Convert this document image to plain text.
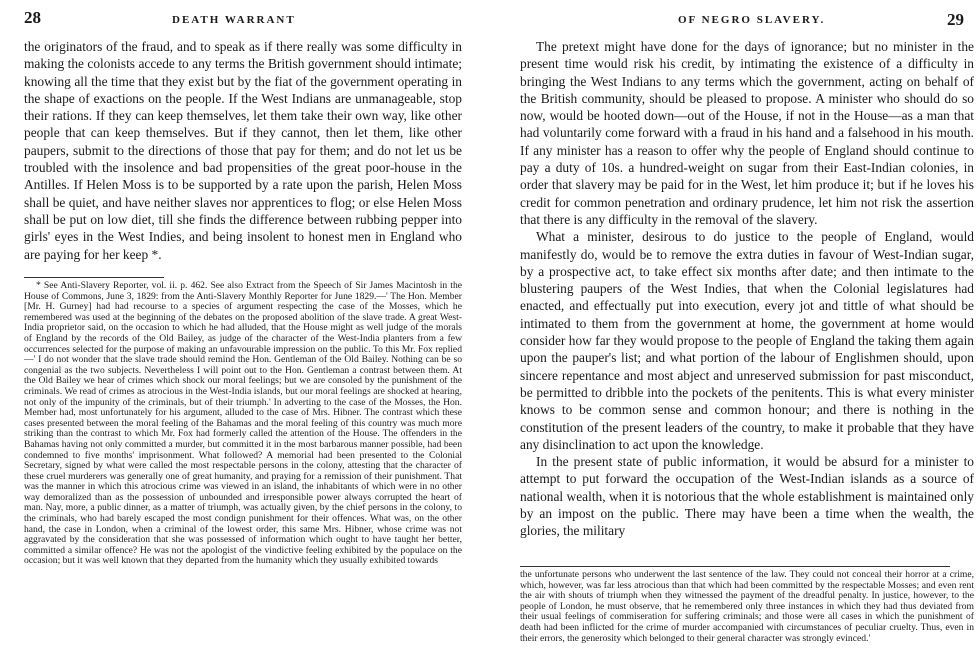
28	DEATH WARRANT

the originators of the fraud, and to speak as if there really was some difficulty in making the colonists accede to any terms the British government should intimate; knowing all the time that they exist but by the fiat of the government operating in the shape of exactions on the people. If the West Indians are unmanageable, stop their rations. If they can keep themselves, let them take their own way, like other people that can keep themselves. But if they cannot, then let them, like other paupers, submit to the directions of those that pay for them; and do not let us be troubled with the insolence and bad propensities of the great poor-house in the Antilles. If Helen Moss is to be supported by a rate upon the parish, Helen Moss shall be quiet, and have neither slaves nor apprentices to flog; or else Helen Moss shall be put on low diet, till she finds the difference between rubbing pepper into girls' eyes in the West Indies, and being insolent to honest men in England who are paying for her keep *.

* See Anti-Slavery Reporter, vol. ii. p. 462. See also Extract from the Speech of Sir James Macintosh in the House of Commons, June 3, 1829: from the Anti-Slavery Monthly Reporter for June 1829.—' The Hon. Member [Mr. H. Gurney] had had recourse to a species of argument respecting the case of the Mosses, which he remembered was used at the beginning of the debates on the proposed abolition of the slave trade. A great West-India proprietor said, on the occasion to which he had alluded, that the House might as well judge of the morals of England by the records of the Old Bailey, as judge of the character of the West-India planters from a few occurrences selected for the purpose of making an unfavourable impression on the public. To this Mr. Fox replied—' I do not wonder that the slave trade should remind the Hon. Gentleman of the Old Bailey. Nothing can be so congenial as the two subjects. Nevertheless I will point out to the Hon. Gentleman a contrast between them. At the Old Bailey we hear of crimes which shock our moral feelings; but we are consoled by the punishment of the criminals. We read of crimes as atrocious in the West-India islands, but our moral feelings are shocked at hearing, not only of the impunity of the criminals, but of their triumph.' In adverting to the case of the Mosses, the Hon. Member had, most unfortunately for his argument, alluded to the case of Mrs. Hibner. The contrast which these cases presented between the moral feeling of the Bahamas and the moral feeling of this country was much more striking than the contrast to which Mr. Fox had formerly called the attention of the House. The offenders in the Bahamas having not only committed a murder, but committed it in the most barbarous manner possible, had been condemned to five months' imprisonment. What followed? A memorial had been presented to the Colonial Secretary, signed by what were called the most respectable persons in the colony, attesting that the character of these cruel murderers was generally one of great humanity, and praying for a remission of their punishment. That was the manner in which this atrocious crime was viewed in an island, the inhabitants of which were in no other way demoralized than as the possession of unbounded and irresponsible power always corrupted the heart of man. Nay, more, a public dinner, as a matter of triumph, was actually given, by the chief persons in the colony, to the criminals, who had barely escaped the most condign punishment for their offences. What was, on the other hand, the case in London, when a criminal of the lowest order, this same Mrs. Hibner, whose crime was not aggravated by the consideration that she was possessed of information which ought to have taught her better, committed a similar offence? He was not the apologist of the vindictive feeling exhibited by the populace on the occasion; but it was well known that they departed from the humanity which they usually exhibited towards

OF NEGRO SLAVERY.	29

The pretext might have done for the days of ignorance; but no minister in the present time would risk his credit, by intimating the existence of a difficulty in bringing the West Indians to any terms which the government, acting on behalf of the British community, should be pleased to propose. A minister who should do so now, would be hooted down—out of the House, if not in the House—as a man that had voluntarily come forward with a fraud in his hand and a falsehood in his mouth. If any minister has a reason to offer why the people of England should continue to pay a duty of 10s. a hundred-weight on sugar from their East-Indian colonies, in order that slavery may be paid for in the West, let him produce it; but if he loves his credit for common penetration and ordinary prudence, let him not risk the assertion that there is any difficulty in the removal of the slavery.

What a minister, desirous to do justice to the people of England, would manifestly do, would be to remove the extra duties in favour of West-Indian sugar, by a prospective act, to take effect six months after date; and then intimate to the blustering paupers of the West Indies, that when the Colonial legislatures had enacted, and effectually put into execution, every jot and tittle of what should be intimated to them from the government at home, the government at home would consider how far they would propose to the people of England the taking them again upon the pauper's list; and what portion of the labour of Englishmen should, upon sincere repentance and most abject and unreserved submission for past misconduct, be permitted to dribble into the pockets of the penitents. This is what every minister knows to be common sense and common honour; and there is nothing in the constitution of the present leaders of the country, to make it probable that they have any disinclination to act upon the knowledge.

In the present state of public information, it would be absurd for a minister to attempt to put forward the occupation of the West-Indian islands as a source of national wealth, when it is notorious that the whole establishment is maintained only by an impost on the public. There may have been a time when the wealth, the glories, the military

the unfortunate persons who underwent the last sentence of the law. They could not conceal their horror at a crime, which, however, was far less atrocious than that which had been committed by the respectable Mosses; and even rent the air with shouts of triumph when they witnessed the payment of the dreadful penalty. In justice, however, to the people of London, he must observe, that he remembered only three instances in which they had thus deviated from their usual feelings of commiseration for suffering criminals; and those were all cases in which the punishment of death had been inflicted for the crime of murder accompanied with circumstances of peculiar cruelty. Thus, even in their errors, the generosity which belonged to their general character was strongly evinced.'
